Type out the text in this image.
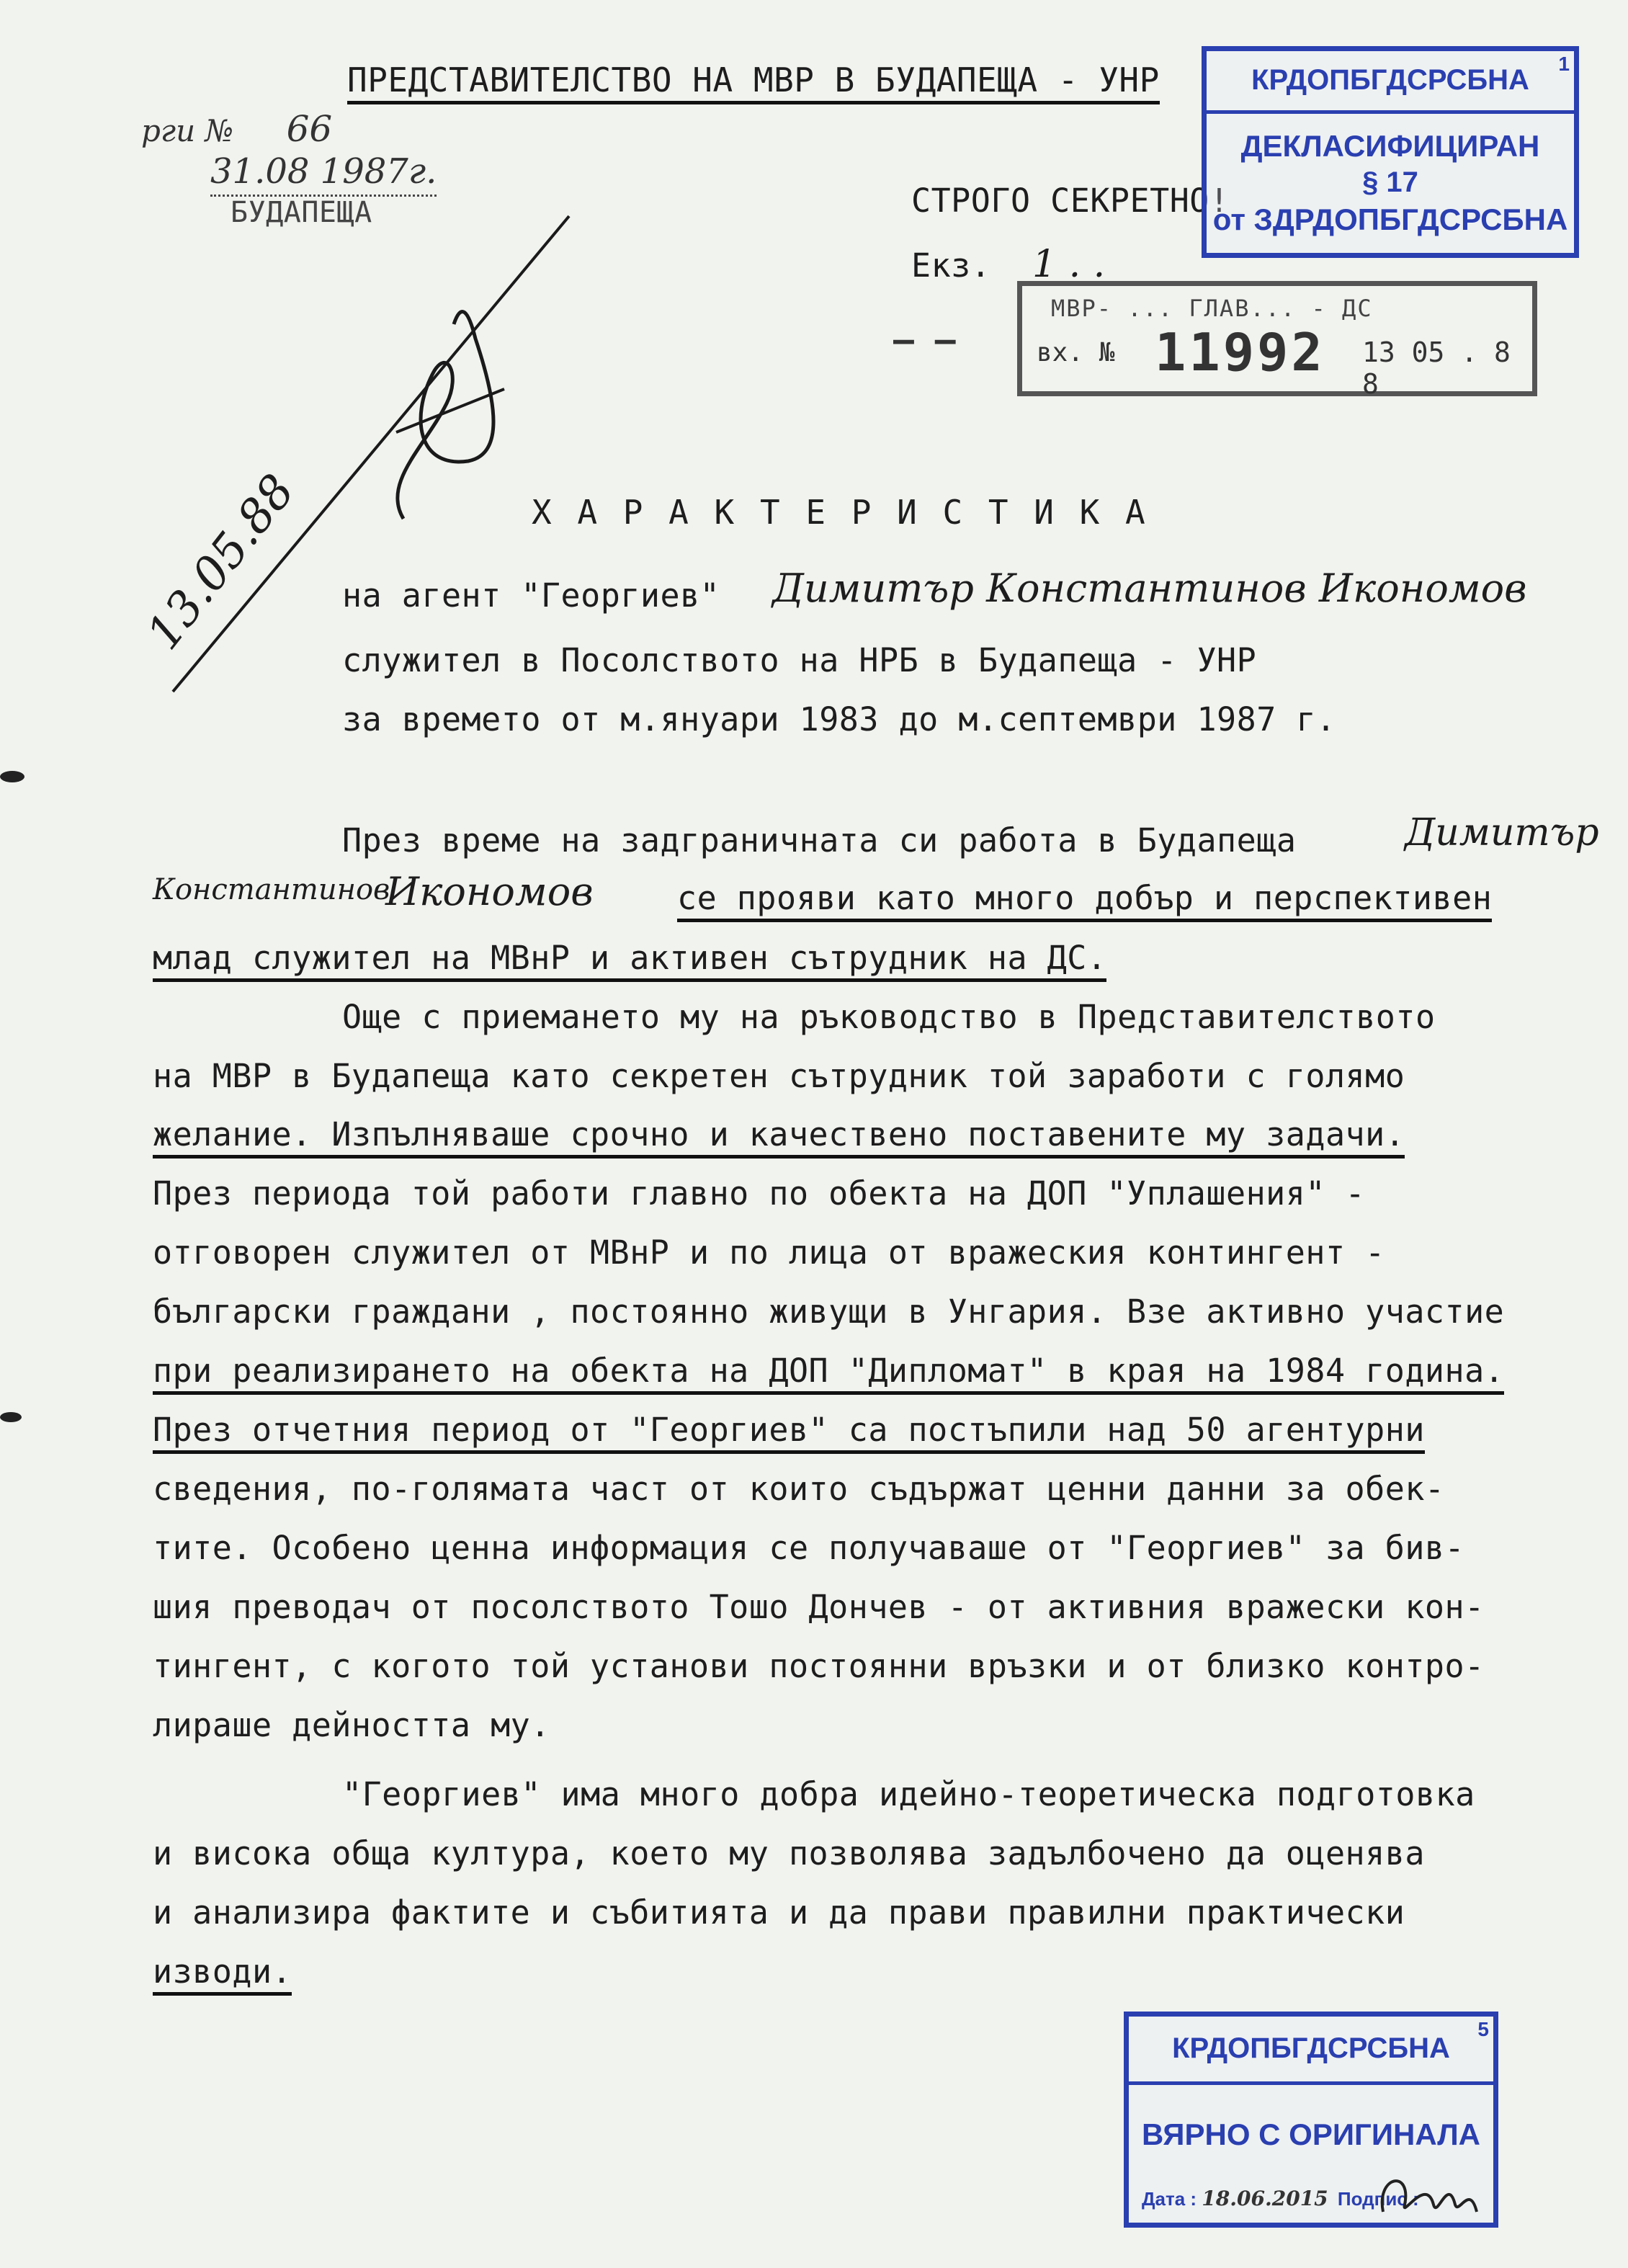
ПРЕДСТАВИТЕЛСТВО НА МВР В БУДАПЕЩА - УНР
рги № 66
31.08 1987г.
БУДАПЕЩА	СТРОГО СЕКРЕТНО!
Екз. 1 . .
КРДОПБГДСРСБНА
ДЕКЛАСИФИЦИРАН
§ 17
от ЗДРДОПБГДСРСБНА
1
МВР- ... ГЛАВ... - ДС
вх. № 11992 13 05 . 8 8
— —
13.05.88	Х А Р А К Т Е Р И С Т И К А
на агент "Георгиев" Димитър Константинов Икономов
служител в Посолството на НРБ в Будапеща - УНР
за времето от м.януари 1983 до м.септември 1987 г.
През време на задграничната си работа в Будапеща	Димитър
Константинов
Икономов	се прояви като много добър и перспективен
млад служител на МВнР и активен сътрудник на ДС.
Още с приемането му на ръководство в Представителството
на МВР в Будапеща като секретен сътрудник той заработи с голямо
желание. Изпълняваше срочно и качествено поставените му задачи.
През периода той работи главно по обекта на ДОП "Уплашения" -
отговорен служител от МВнР и по лица от вражеския контингент -
български граждани , постоянно живущи в Унгария. Взе активно участие
при реализирането на обекта на ДОП "Дипломат" в края на 1984 година.
През отчетния период от "Георгиев" са постъпили над 50 агентурни
сведения, по-голямата част от които съдържат ценни данни за обек-
тите. Особено ценна информация се получаваше от "Георгиев" за бив-
шия преводач от посолството Тошо Дончев - от активния вражески кон-
тингент, с когото той установи постоянни връзки и от близко контро-
лираше дейността му.
"Георгиев" има много добра идейно-теоретическа подготовка
и висока обща култура, което му позволява задълбочено да оценява
и анализира фактите и събитията и да прави правилни практически
изводи.
КРДОПБГДСРСБНА
ВЯРНО С ОРИГИНАЛА
Дата : 18.06.2015 Подпис :
5
